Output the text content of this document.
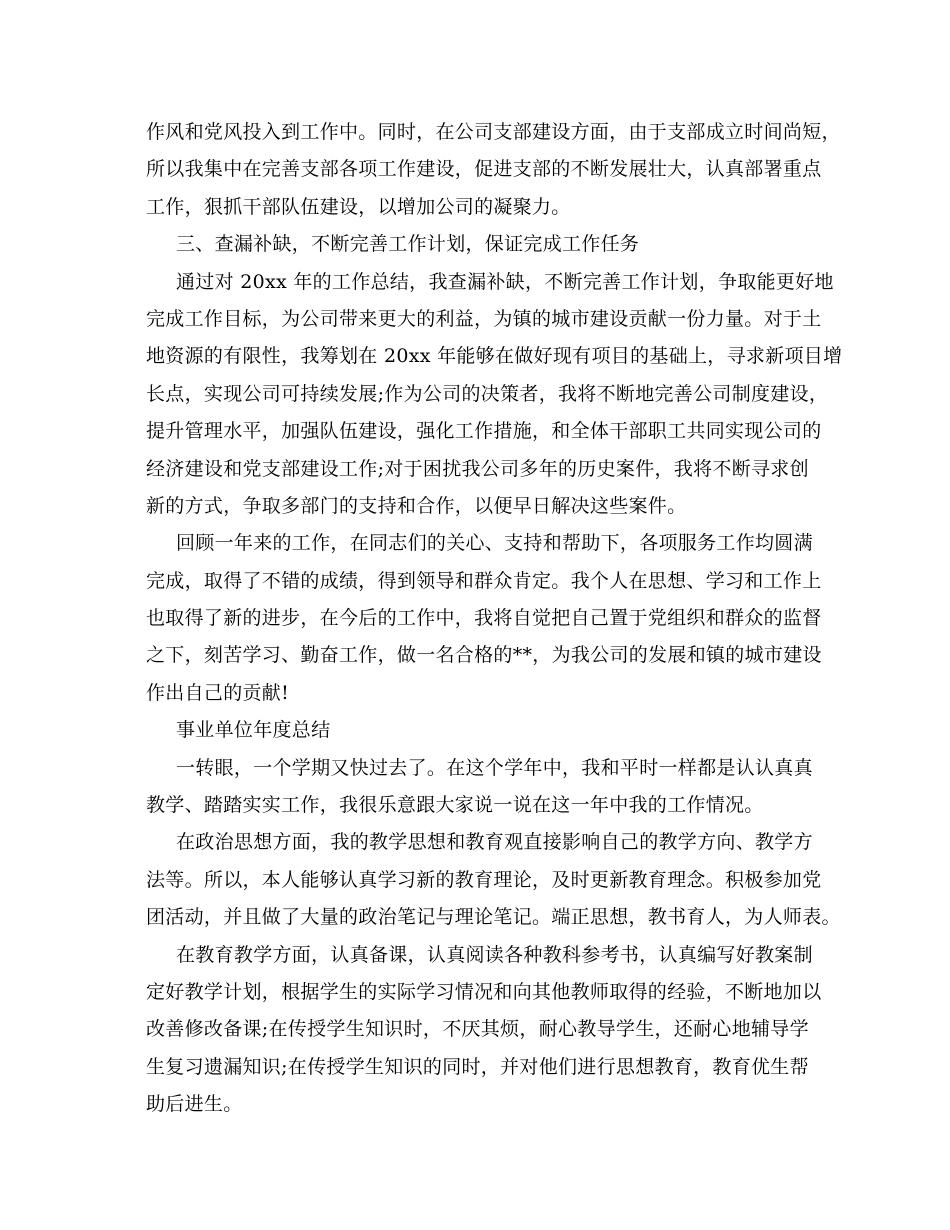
作风和党风投入到工作中。同时，在公司支部建设方面，由于支部成立时间尚短，
所以我集中在完善支部各项工作建设，促进支部的不断发展壮大，认真部署重点
工作，狠抓干部队伍建设，以增加公司的凝聚力。
三、查漏补缺，不断完善工作计划，保证完成工作任务
通过对 20xx 年的工作总结，我查漏补缺，不断完善工作计划，争取能更好地
完成工作目标，为公司带来更大的利益，为镇的城市建设贡献一份力量。对于土
地资源的有限性，我筹划在 20xx 年能够在做好现有项目的基础上，寻求新项目增
长点，实现公司可持续发展;作为公司的决策者，我将不断地完善公司制度建设，
提升管理水平，加强队伍建设，强化工作措施，和全体干部职工共同实现公司的
经济建设和党支部建设工作;对于困扰我公司多年的历史案件，我将不断寻求创
新的方式，争取多部门的支持和合作，以便早日解决这些案件。
回顾一年来的工作，在同志们的关心、支持和帮助下，各项服务工作均圆满
完成，取得了不错的成绩，得到领导和群众肯定。我个人在思想、学习和工作上
也取得了新的进步，在今后的工作中，我将自觉把自己置于党组织和群众的监督
之下，刻苦学习、勤奋工作，做一名合格的**，为我公司的发展和镇的城市建设
作出自己的贡献!
事业单位年度总结
一转眼，一个学期又快过去了。在这个学年中，我和平时一样都是认认真真
教学、踏踏实实工作，我很乐意跟大家说一说在这一年中我的工作情况。
在政治思想方面，我的教学思想和教育观直接影响自己的教学方向、教学方
法等。所以，本人能够认真学习新的教育理论，及时更新教育理念。积极参加党
团活动，并且做了大量的政治笔记与理论笔记。端正思想，教书育人，为人师表。
在教育教学方面，认真备课，认真阅读各种教科参考书，认真编写好教案制
定好教学计划，根据学生的实际学习情况和向其他教师取得的经验，不断地加以
改善修改备课;在传授学生知识时，不厌其烦，耐心教导学生，还耐心地辅导学
生复习遗漏知识;在传授学生知识的同时，并对他们进行思想教育，教育优生帮
助后进生。
